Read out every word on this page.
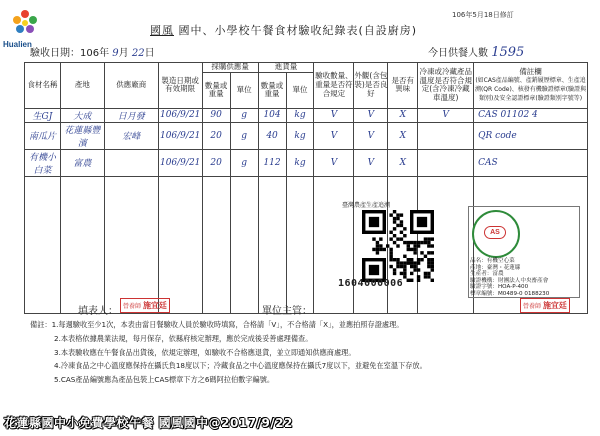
Hualien
106年5月18日修訂
國風 國中、小學校午餐食材驗收紀錄表(自設廚房)
驗收日期：106年 9月 22日	今日供餐人數 1595
食材名稱	產地	供應廠商	製造日期或有效期限	採購供應量		進貨量		驗收數量、重量是否符合規定	外觀(含包裝)是否良好	是否有異味	冷凍或冷藏產品溫度是否符合規定(含冷凍冷藏車溫度)	備註欄
(如CAS產品編號、產銷履歷標章、生產追溯(QR Code)、核發有機驗證標章(驗證與類別)及安全認證標章(驗證類別字號等)
				數量或重量	單位	數量或重量	單位					
生GJ	大成	日月發	106/9/21	90	g	104	kg	V	V	X	V	CAS 01102 4
南瓜片	花蓮縣豐濱	宏峰	106/9/21	20	g	40	kg	V	V	X		QR code
有機小白菜	富農		106/9/21	20	g	112	kg	V	V	X		CAS

臺灣農產生產追溯
1604000006
AS
品名：有機空心菜
產地：臺灣・花蓮縣
生產者：富農
驗證機構：財團法人中央畜產會
驗證字號：HOA-P-400
標章編號：M0489-0 0188230
填表人： 營養師 施宜廷
單位主管：	營養師 施宜廷
備註：1.每週驗收至少1次，本表由當日餐驗收人員於驗收時填寫，合格請「V」，不合格請「X」，並應拍照存證處理。
2.本表格依據農業法規，每月保存，依縣府核定辦理，應於完成後妥善處理備查。
3.本表驗收應在午餐食品出貨後，依規定辦理，如驗收不合格應退貨，並立即通知供應商處理。
4.冷凍食品之中心溫度應保持在攝氏負18度以下；冷藏食品之中心溫度應保持在攝氏7度以下，並避免在室溫下存放。
5.CAS產品編號應為產品包裝上CAS標章下方之6碼阿拉伯數字編號。
花蓮縣國中小免費學校午餐 國風國中@2017/9/22
